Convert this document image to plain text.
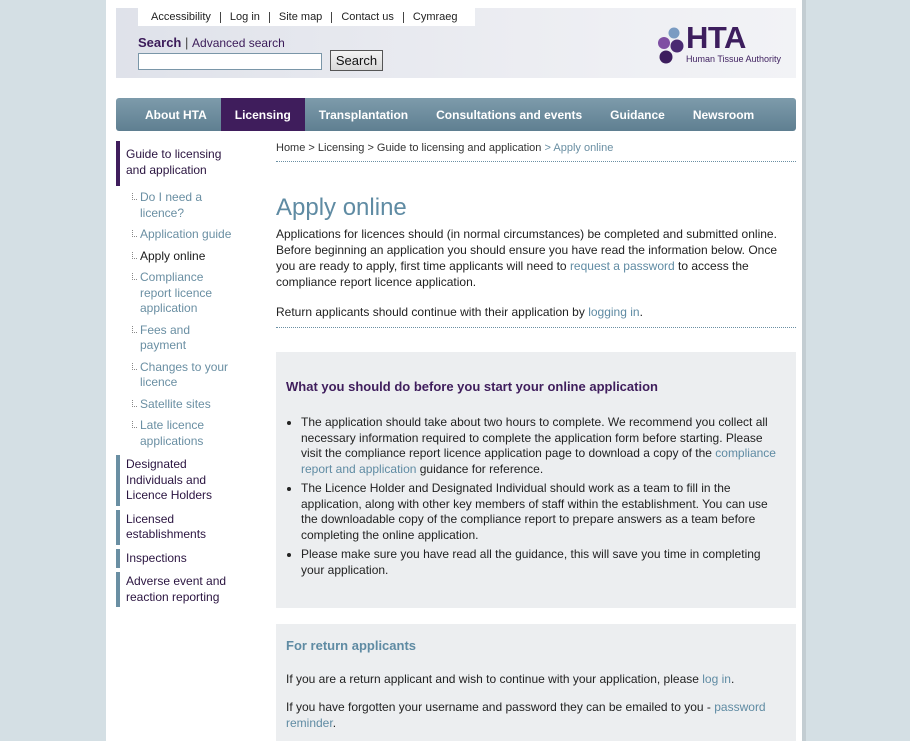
Accessibility	Log in	Site map	Contact us	Cymraeg
Search | Advanced search
Search
HTA
Human Tissue Authority
About HTA	Licensing	Transplantation	Consultations and events	Guidance	Newsroom
Guide to licensing and application
Do I need a licence?
Application guide
Apply online
Compliance report licence application
Fees and payment
Changes to your licence
Satellite sites
Late licence applications
Designated Individuals and Licence Holders
Licensed establishments
Inspections
Adverse event and reaction reporting
Home > Licensing > Guide to licensing and application > Apply online
Apply online

Applications for licences should (in normal circumstances) be completed and submitted online. Before beginning an application you should ensure you have read the information below. Once you are ready to apply, first time applicants will need to request a password to access the compliance report licence application.

Return applicants should continue with their application by logging in.

What you should do before you start your online application
• The application should take about two hours to complete. We recommend you collect all necessary information required to complete the application form before starting. Please visit the compliance report licence application page to download a copy of the compliance report and application guidance for reference.
• The Licence Holder and Designated Individual should work as a team to fill in the application, along with other key members of staff within the establishment. You can use the downloadable copy of the compliance report to prepare answers as a team before completing the online application.
• Please make sure you have read all the guidance, this will save you time in completing your application.
For return applicants

If you are a return applicant and wish to continue with your application, please log in.

If you have forgotten your username and password they can be emailed to you - password reminder.
